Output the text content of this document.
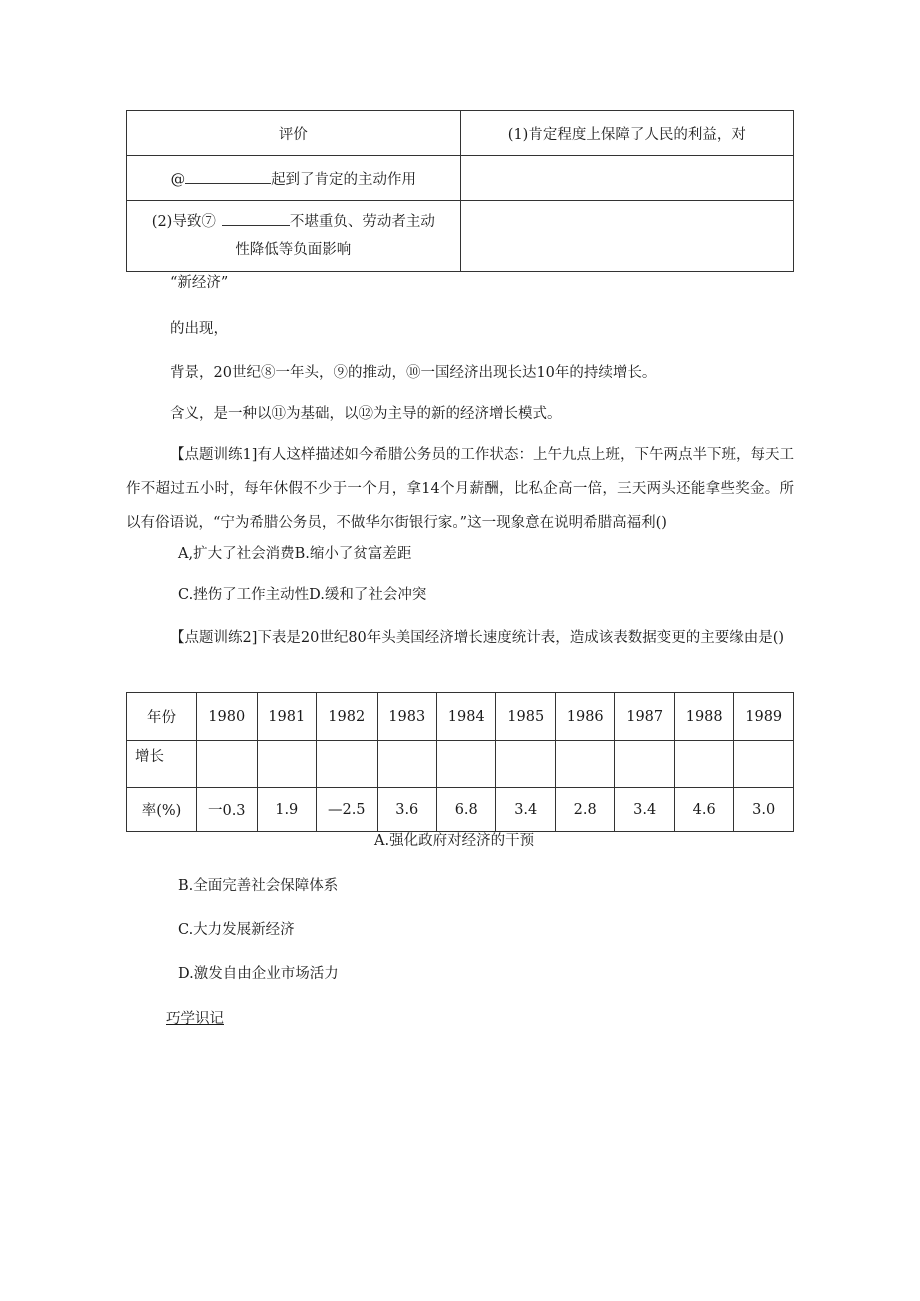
评价	(1)肯定程度上保障了人民的利益，对
@ 起到了肯定的主动作用	

(2)导致⑦ 不堪重负、劳动者主动
性降低等负面影响	

“新经济”
的出现，
背景，20世纪⑧一年头，⑨的推动，⑩一国经济出现长达10年的持续增长。
含义，是一种以⑪为基础，以⑫为主导的新的经济增长模式。
【点题训练1]有人这样描述如今希腊公务员的工作状态：上午九点上班，下午两点半下班，每天工作不超过五小时，每年休假不少于一个月，拿14个月薪酬，比私企高一倍，三天两头还能拿些奖金。所以有俗语说，“宁为希腊公务员，不做华尔街银行家。”这一现象意在说明希腊高福利()
A,扩大了社会消费B.缩小了贫富差距
C.挫伤了工作主动性D.缓和了社会冲突
【点题训练2]下表是20世纪80年头美国经济增长速度统计表，造成该表数据变更的主要缘由是()
年份	1980	1981	1982	1983	1984	1985	1986	1987	1988	1989
增长										
率(%)	一0.3	1.9	—2.5	3.6	6.8	3.4	2.8	3.4	4.6	3.0
A.强化政府对经济的干预
B.全面完善社会保障体系
C.大力发展新经济
D.激发自由企业市场活力
巧学识记
